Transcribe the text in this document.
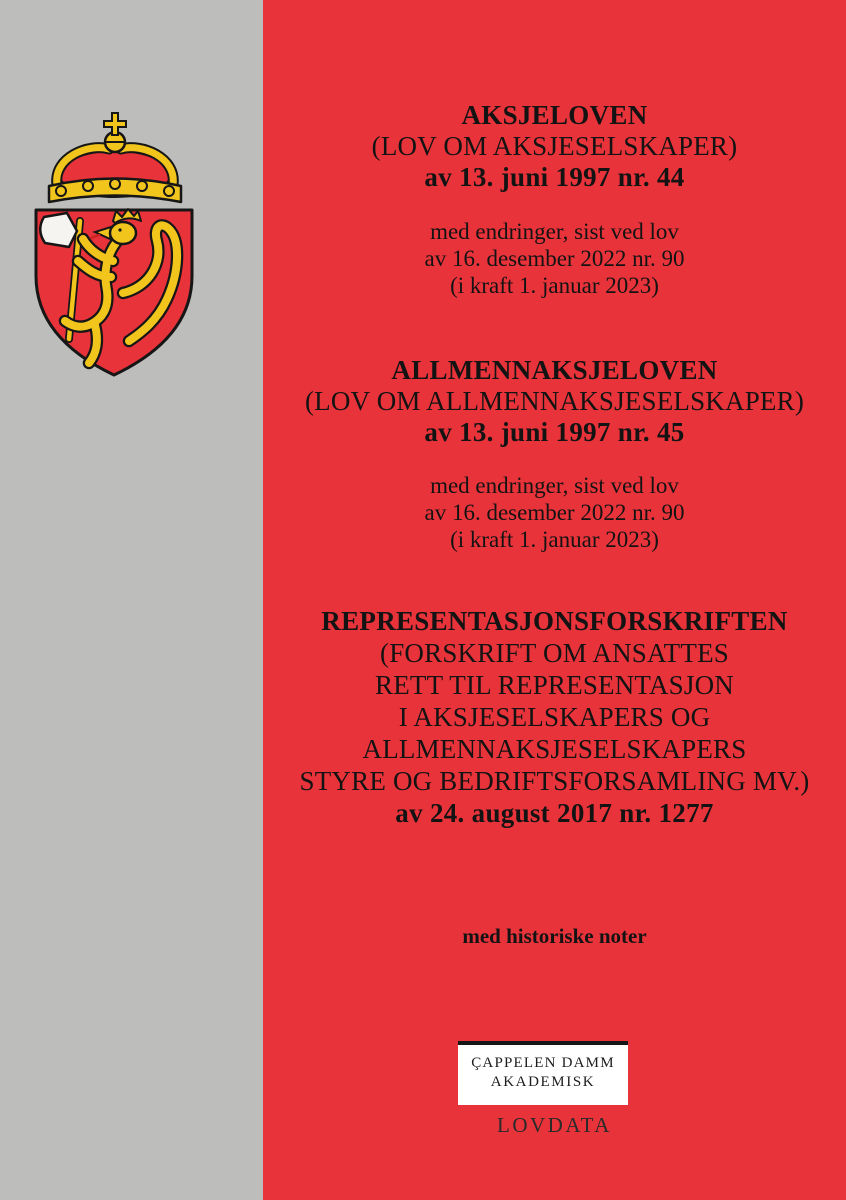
AKSJELOVEN
(LOV OM AKSJESELSKAPER)
av 13. juni 1997 nr. 44
med endringer, sist ved lov
av 16. desember 2022 nr. 90
(i kraft 1. januar 2023)
ALLMENNAKSJELOVEN
(LOV OM ALLMENNAKSJESELSKAPER)
av 13. juni 1997 nr. 45
med endringer, sist ved lov
av 16. desember 2022 nr. 90
(i kraft 1. januar 2023)
REPRESENTASJONSFORSKRIFTEN
(FORSKRIFT OM ANSATTES
RETT TIL REPRESENTASJON
I AKSJESELSKAPERS OG
ALLMENNAKSJESELSKAPERS
STYRE OG BEDRIFTSFORSAMLING MV.)
av 24. august 2017 nr. 1277
med historiske noter
LOVDATA
ÇAPPELEN DAMM
AKADEMISK
